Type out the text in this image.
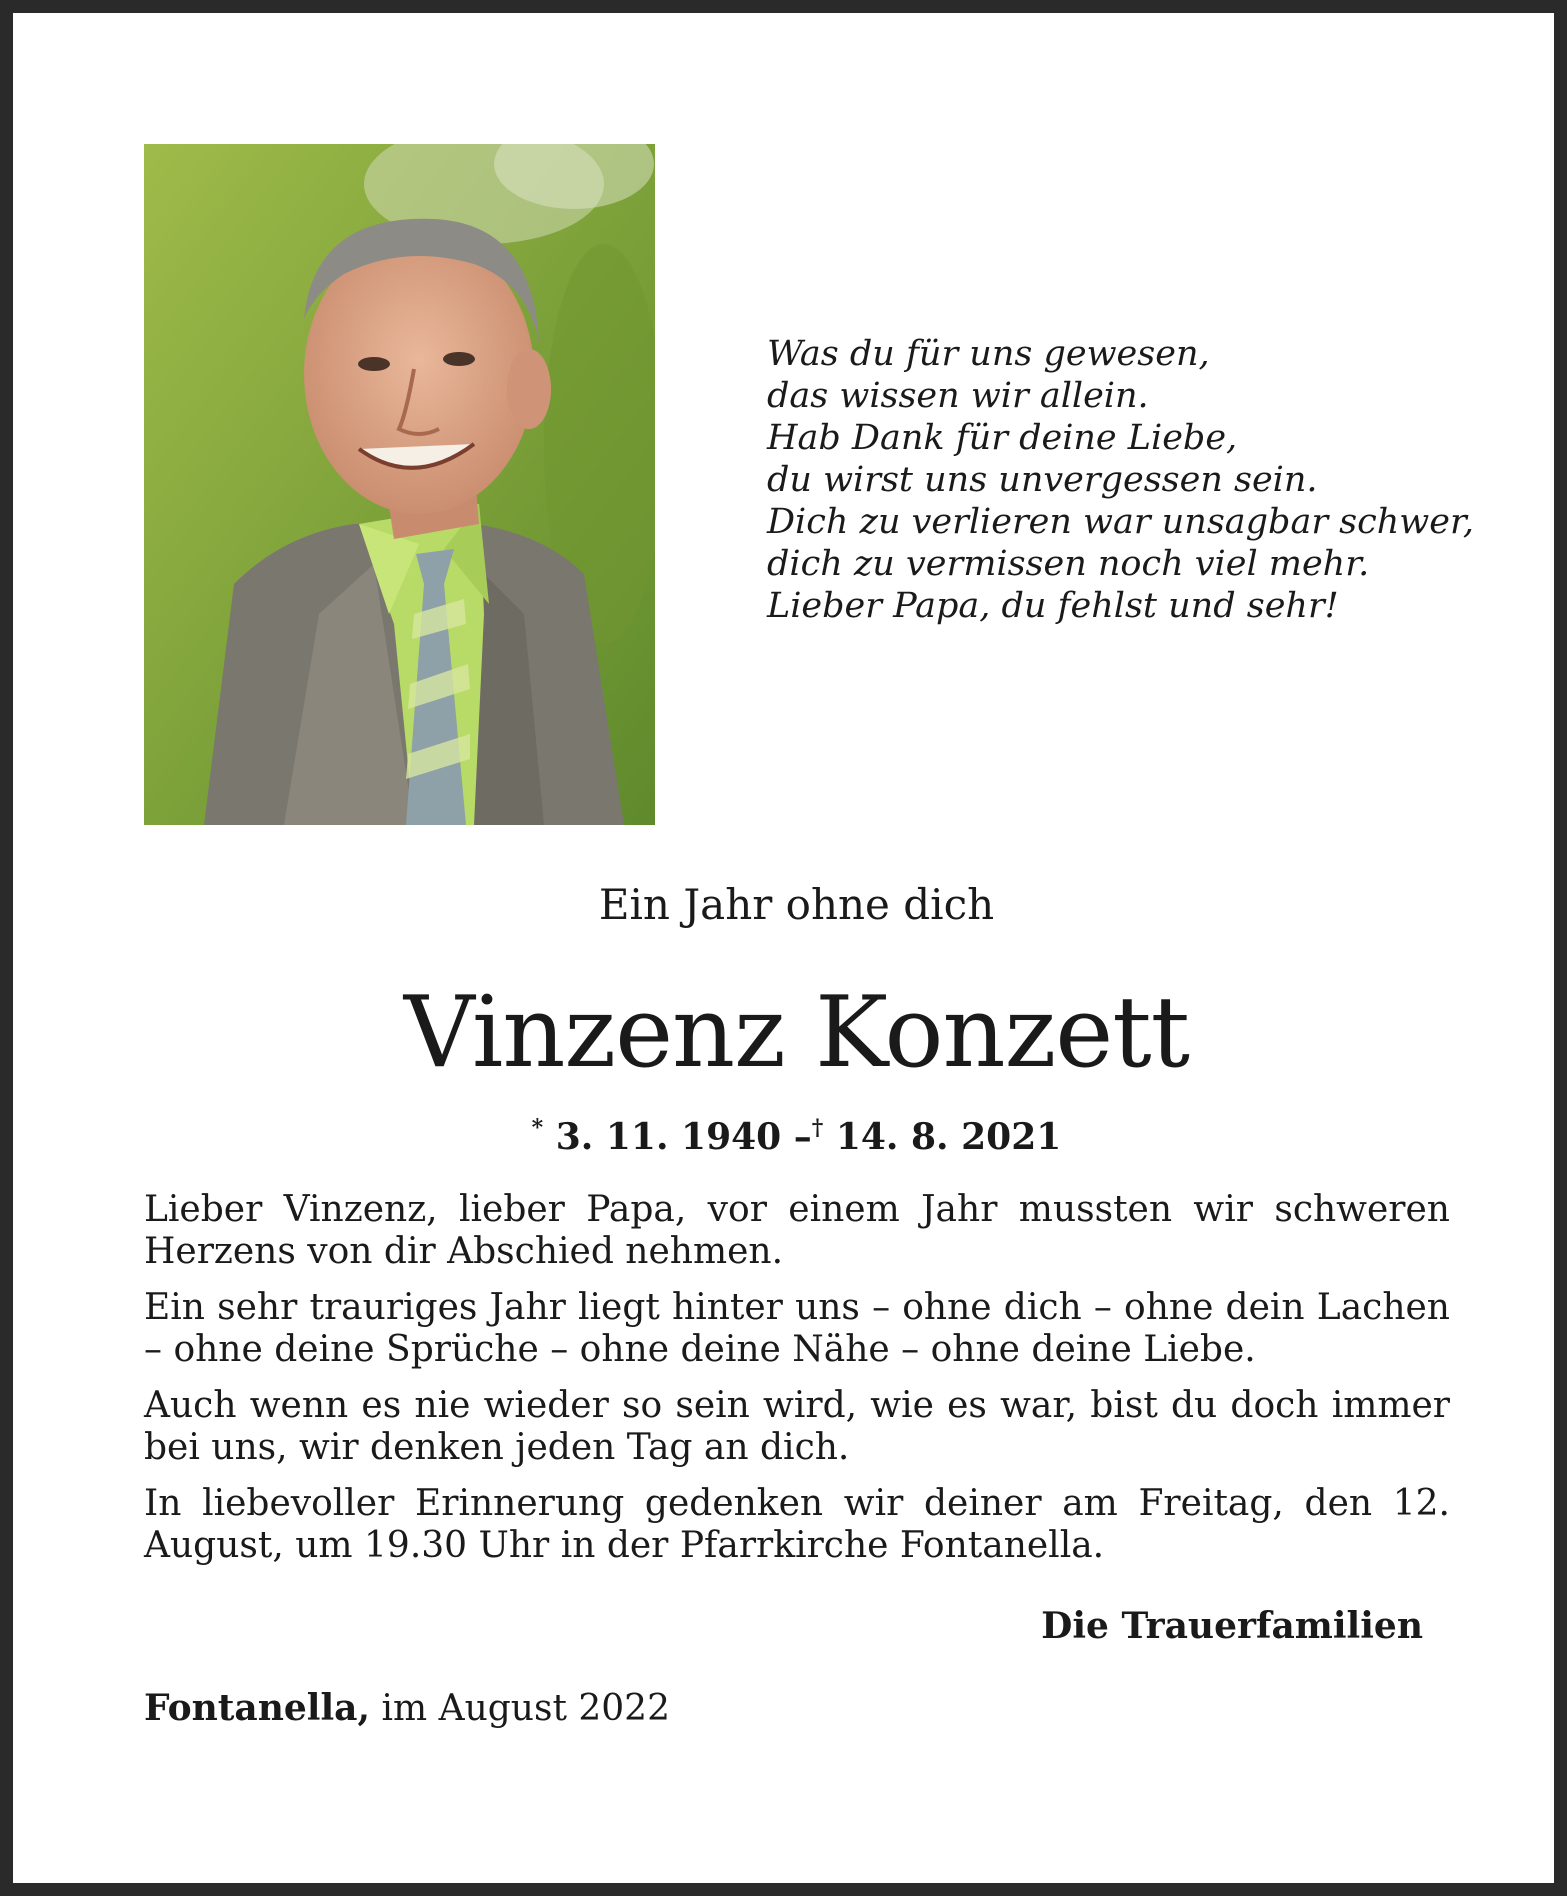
Was du für uns gewesen,
das wissen wir allein.
Hab Dank für deine Liebe,
du wirst uns unvergessen sein.
Dich zu verlieren war unsagbar schwer,
dich zu vermissen noch viel mehr.
Lieber Papa, du fehlst und sehr!
Ein Jahr ohne dich
Vinzenz Konzett
* 3. 11. 1940 –† 14. 8. 2021

Lieber Vinzenz, lieber Papa, vor einem Jahr mussten wir schweren Herzens von dir Abschied nehmen.

Ein sehr trauriges Jahr liegt hinter uns – ohne dich – ohne dein Lachen – ohne deine Sprüche – ohne deine Nähe – ohne deine Liebe.

Auch wenn es nie wieder so sein wird, wie es war, bist du doch immer bei uns, wir denken jeden Tag an dich.

In liebevoller Erinnerung gedenken wir deiner am Freitag, den 12. August, um 19.30 Uhr in der Pfarrkirche Fontanella.

Die Trauerfamilien
Fontanella, im August 2022
